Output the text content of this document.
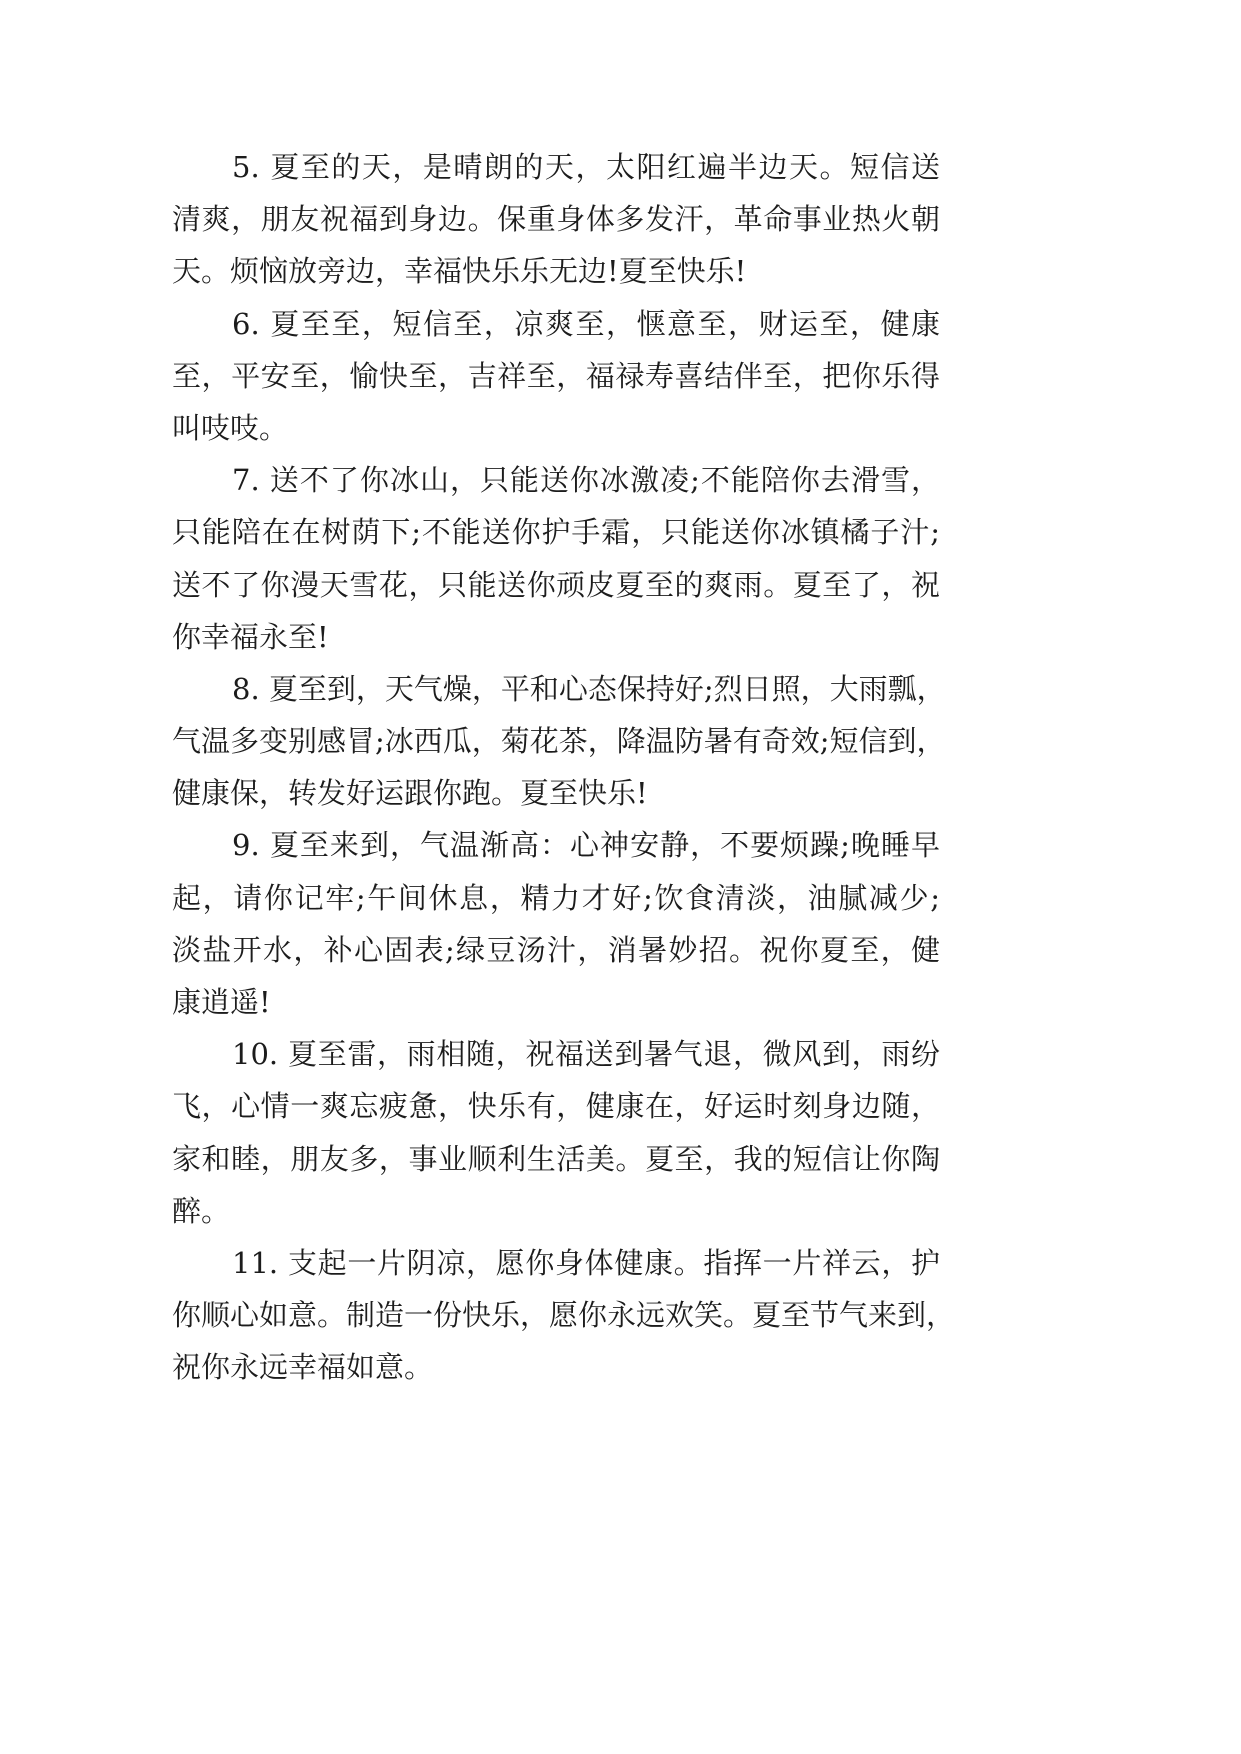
5. 夏至的天，是晴朗的天，太阳红遍半边天。短信送
清爽，朋友祝福到身边。保重身体多发汗，革命事业热火朝
天。烦恼放旁边，幸福快乐乐无边!夏至快乐!
6. 夏至至，短信至，凉爽至，惬意至，财运至，健康
至，平安至，愉快至，吉祥至，福禄寿喜结伴至，把你乐得
叫吱吱。
7. 送不了你冰山，只能送你冰激凌;不能陪你去滑雪，
只能陪在在树荫下;不能送你护手霜，只能送你冰镇橘子汁;
送不了你漫天雪花，只能送你顽皮夏至的爽雨。夏至了，祝
你幸福永至!
8. 夏至到，天气燥，平和心态保持好;烈日照，大雨瓢，
气温多变别感冒;冰西瓜，菊花茶，降温防暑有奇效;短信到，
健康保，转发好运跟你跑。夏至快乐!
9. 夏至来到，气温渐高：心神安静，不要烦躁;晚睡早
起，请你记牢;午间休息，精力才好;饮食清淡，油腻减少;
淡盐开水，补心固表;绿豆汤汁，消暑妙招。祝你夏至，健
康逍遥!
10. 夏至雷，雨相随，祝福送到暑气退，微风到，雨纷
飞，心情一爽忘疲惫，快乐有，健康在，好运时刻身边随，
家和睦，朋友多，事业顺利生活美。夏至，我的短信让你陶
醉。
11. 支起一片阴凉，愿你身体健康。指挥一片祥云，护
你顺心如意。制造一份快乐，愿你永远欢笑。夏至节气来到，
祝你永远幸福如意。
